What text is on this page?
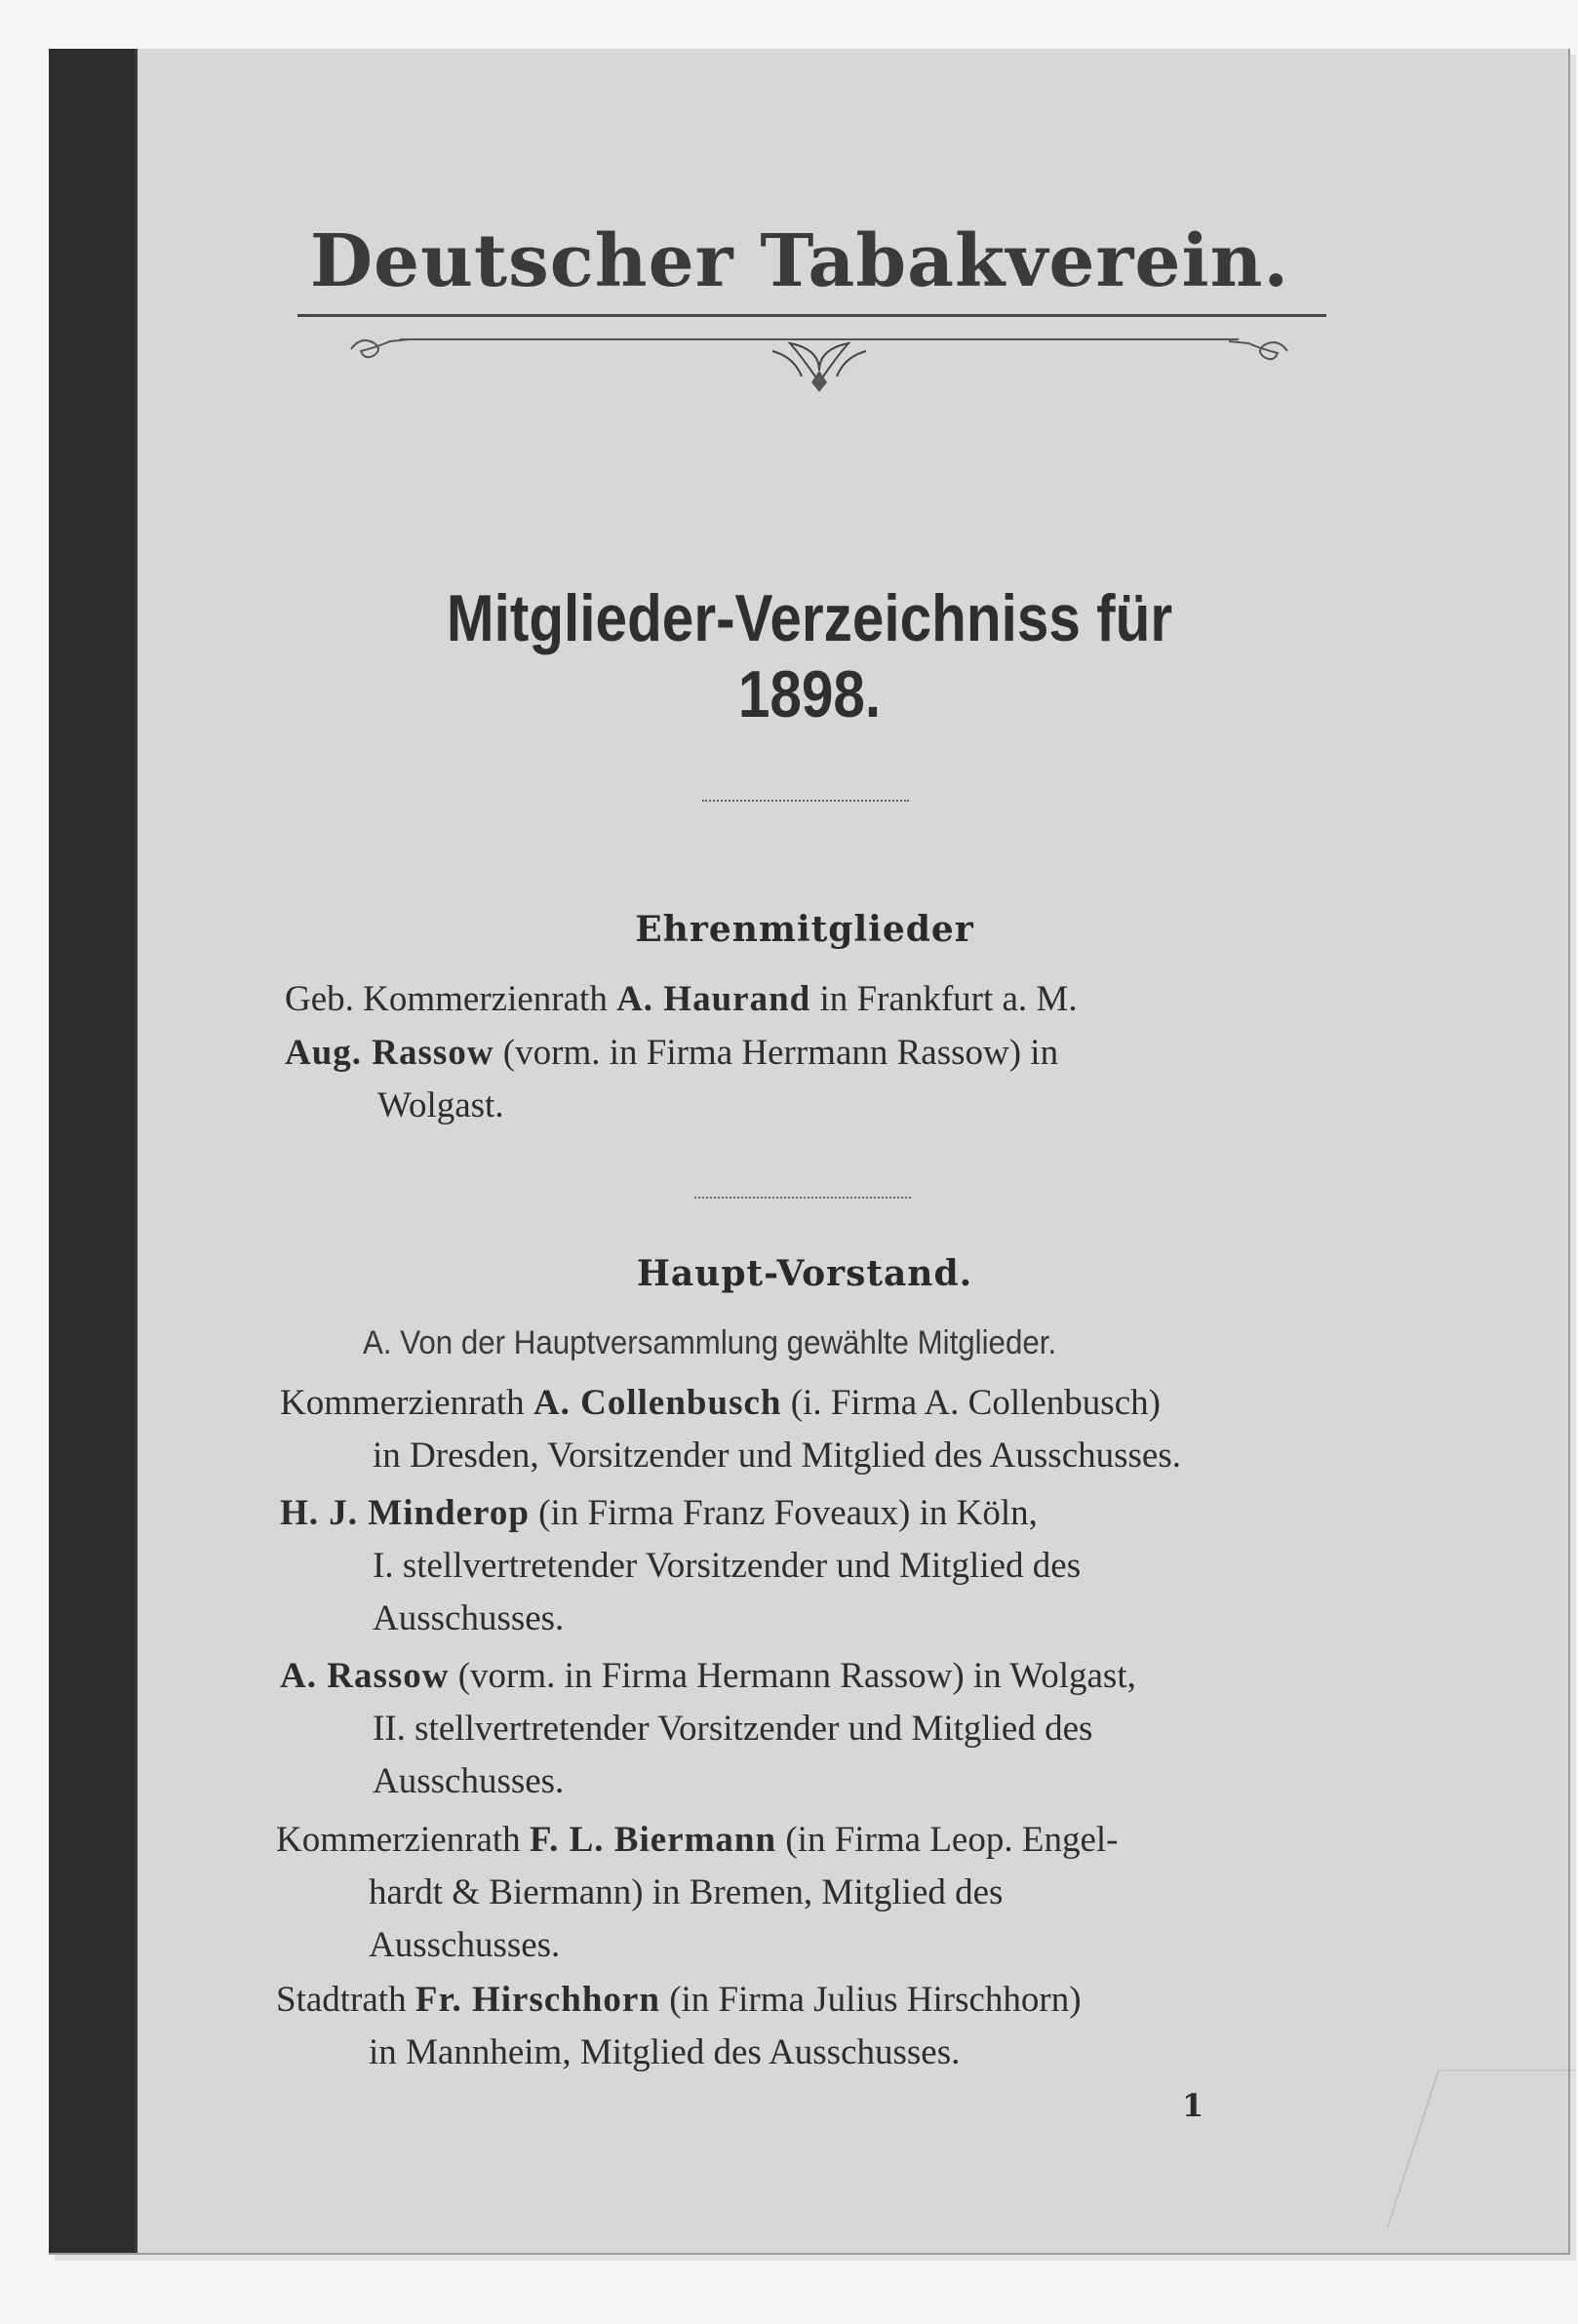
Deutscher Tabakverein.
Mitglieder-Verzeichniss für 1898.
Ehrenmitglieder
Geb. Kommerzienrath A. Haurand in Frankfurt a. M.
Aug. Rassow (vorm. in Firma Herrmann Rassow) in
Wolgast.
Haupt-Vorstand.
A. Von der Hauptversammlung gewählte Mitglieder.
Kommerzienrath A. Collenbusch (i. Firma A. Collenbusch)
in Dresden, Vorsitzender und Mitglied des Ausschusses.
H. J. Minderop (in Firma Franz Foveaux) in Köln,
I. stellvertretender Vorsitzender und Mitglied des
Ausschusses.
A. Rassow (vorm. in Firma Hermann Rassow) in Wolgast,
II. stellvertretender Vorsitzender und Mitglied des
Ausschusses.
Kommerzienrath F. L. Biermann (in Firma Leop. Engel-
hardt & Biermann) in Bremen, Mitglied des
Ausschusses.
Stadtrath Fr. Hirschhorn (in Firma Julius Hirschhorn)
in Mannheim, Mitglied des Ausschusses.
1
